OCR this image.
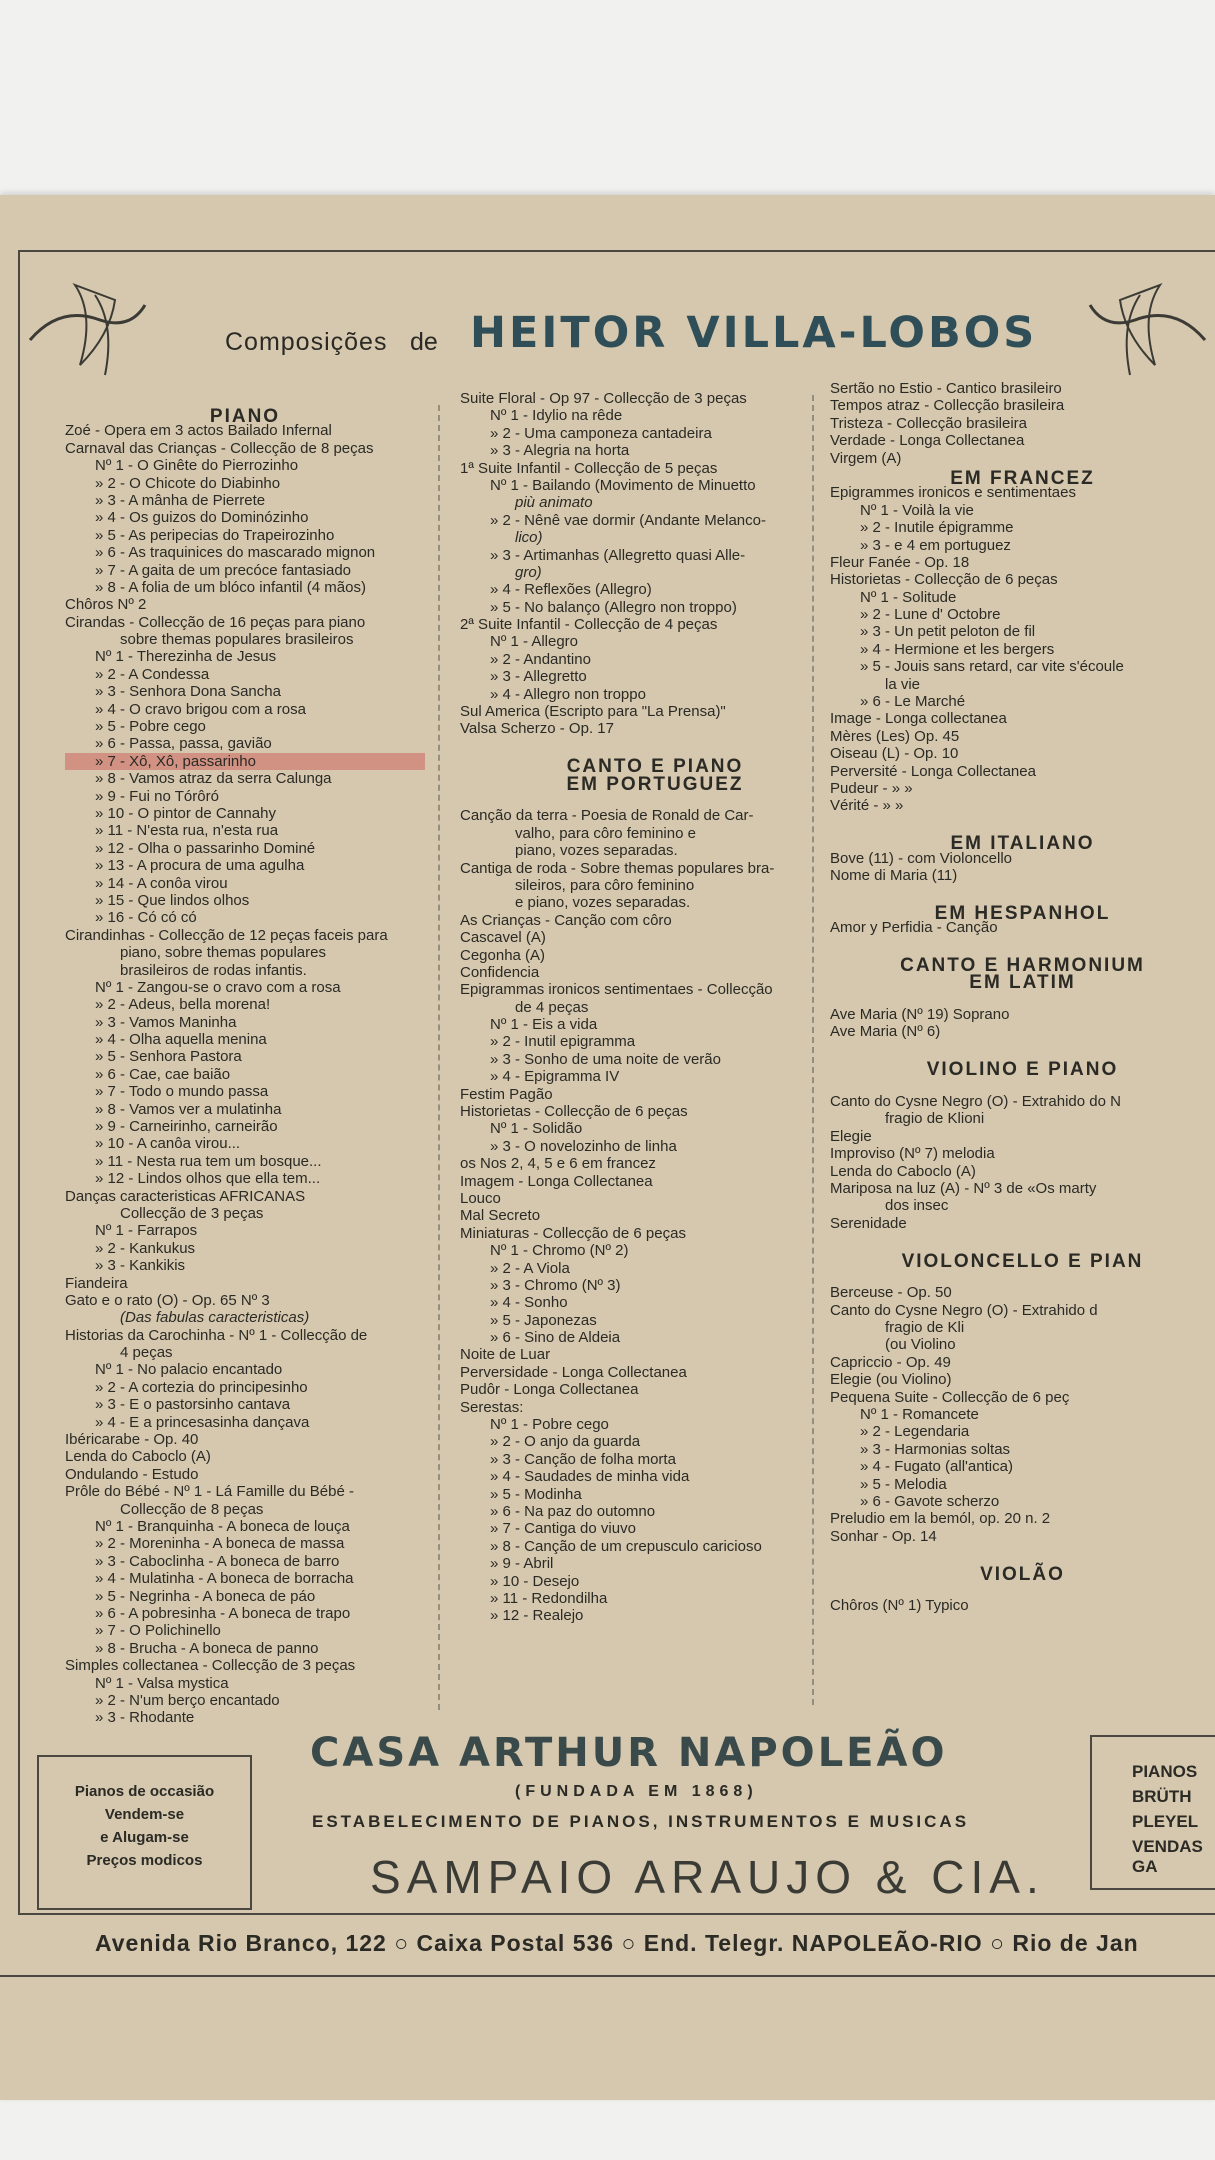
Composições de HEITOR VILLA-LOBOS
PIANO
Zoé - Opera em 3 actos Bailado Infernal
Carnaval das Crianças - Collecção de 8 peças
Nº 1 - O Ginête do Pierrozinho
» 2 - O Chicote do Diabinho
» 3 - A mânha de Pierrete
» 4 - Os guizos do Dominózinho
» 5 - As peripecias do Trapeirozinho
» 6 - As traquinices do mascarado mignon
» 7 - A gaita de um precóce fantasiado
» 8 - A folia de um blóco infantil (4 mãos)
Chôros Nº 2
Cirandas - Collecção de 16 peças para piano
sobre themas populares brasileiros
Nº 1 - Therezinha de Jesus
» 2 - A Condessa
» 3 - Senhora Dona Sancha
» 4 - O cravo brigou com a rosa
» 5 - Pobre cego
» 6 - Passa, passa, gavião
» 7 - Xô, Xô, passarinho
» 8 - Vamos atraz da serra Calunga
» 9 - Fui no Tórôró
» 10 - O pintor de Cannahy
» 11 - N'esta rua, n'esta rua
» 12 - Olha o passarinho Dominé
» 13 - A procura de uma agulha
» 14 - A conôa virou
» 15 - Que lindos olhos
» 16 - Có có có
Cirandinhas - Collecção de 12 peças faceis para
piano, sobre themas populares
brasileiros de rodas infantis.
Nº 1 - Zangou-se o cravo com a rosa
» 2 - Adeus, bella morena!
» 3 - Vamos Maninha
» 4 - Olha aquella menina
» 5 - Senhora Pastora
» 6 - Cae, cae baião
» 7 - Todo o mundo passa
» 8 - Vamos ver a mulatinha
» 9 - Carneirinho, carneirão
» 10 - A canôa virou...
» 11 - Nesta rua tem um bosque...
» 12 - Lindos olhos que ella tem...
Danças caracteristicas AFRICANAS
Collecção de 3 peças
Nº 1 - Farrapos
» 2 - Kankukus
» 3 - Kankikis
Fiandeira
Gato e o rato (O) - Op. 65 Nº 3
(Das fabulas caracteristicas)
Historias da Carochinha - Nº 1 - Collecção de
4 peças
Nº 1 - No palacio encantado
» 2 - A cortezia do principesinho
» 3 - E o pastorsinho cantava
» 4 - E a princesasinha dançava
Ibéricarabe - Op. 40
Lenda do Caboclo (A)
Ondulando - Estudo
Prôle do Bébé - Nº 1 - Lá Famille du Bébé -
Collecção de 8 peças
Nº 1 - Branquinha - A boneca de louça
» 2 - Moreninha - A boneca de massa
» 3 - Caboclinha - A boneca de barro
» 4 - Mulatinha - A boneca de borracha
» 5 - Negrinha - A boneca de páo
» 6 - A pobresinha - A boneca de trapo
» 7 - O Polichinello
» 8 - Brucha - A boneca de panno
Simples collectanea - Collecção de 3 peças
Nº 1 - Valsa mystica
» 2 - N'um berço encantado
» 3 - Rhodante
Suite Floral - Op 97 - Collecção de 3 peças
Nº 1 - Idylio na rêde
» 2 - Uma camponeza cantadeira
» 3 - Alegria na horta
1ª Suite Infantil - Collecção de 5 peças
Nº 1 - Bailando (Movimento de Minuetto
più animato
» 2 - Nênê vae dormir (Andante Melanco-
lico)
» 3 - Artimanhas (Allegretto quasi Alle-
gro)
» 4 - Reflexões (Allegro)
» 5 - No balanço (Allegro non troppo)
2ª Suite Infantil - Collecção de 4 peças
Nº 1 - Allegro
» 2 - Andantino
» 3 - Allegretto
» 4 - Allegro non troppo
Sul America (Escripto para "La Prensa)"
Valsa Scherzo - Op. 17
CANTO E PIANO
EM PORTUGUEZ
Canção da terra - Poesia de Ronald de Car-
valho, para côro feminino e
piano, vozes separadas.
Cantiga de roda - Sobre themas populares bra-
sileiros, para côro feminino
e piano, vozes separadas.
As Crianças - Canção com côro
Cascavel (A)
Cegonha (A)
Confidencia
Epigrammas ironicos sentimentaes - Collecção
de 4 peças
Nº 1 - Eis a vida
» 2 - Inutil epigramma
» 3 - Sonho de uma noite de verão
» 4 - Epigramma IV
Festim Pagão
Historietas - Collecção de 6 peças
Nº 1 - Solidão
» 3 - O novelozinho de linha
os Nos 2, 4, 5 e 6 em francez
Imagem - Longa Collectanea
Louco
Mal Secreto
Miniaturas - Collecção de 6 peças
Nº 1 - Chromo (Nº 2)
» 2 - A Viola
» 3 - Chromo (Nº 3)
» 4 - Sonho
» 5 - Japonezas
» 6 - Sino de Aldeia
Noite de Luar
Perversidade - Longa Collectanea
Pudôr - Longa Collectanea
Serestas:
Nº 1 - Pobre cego
» 2 - O anjo da guarda
» 3 - Canção de folha morta
» 4 - Saudades de minha vida
» 5 - Modinha
» 6 - Na paz do outomno
» 7 - Cantiga do viuvo
» 8 - Canção de um crepusculo caricioso
» 9 - Abril
» 10 - Desejo
» 11 - Redondilha
» 12 - Realejo
Sertão no Estio - Cantico brasileiro
Tempos atraz - Collecção brasileira
Tristeza - Collecção brasileira
Verdade - Longa Collectanea
Virgem (A)
EM FRANCEZ
Epigrammes ironicos e sentimentaes
Nº 1 - Voilà la vie
» 2 - Inutile épigramme
» 3 - e 4 em portuguez
Fleur Fanée - Op. 18
Historietas - Collecção de 6 peças
Nº 1 - Solitude
» 2 - Lune d' Octobre
» 3 - Un petit peloton de fil
» 4 - Hermione et les bergers
» 5 - Jouis sans retard, car vite s'écoule
la vie
» 6 - Le Marché
Image - Longa collectanea
Mères (Les) Op. 45
Oiseau (L) - Op. 10
Perversité - Longa Collectanea
Pudeur - » »
Vérité - » »
EM ITALIANO
Bove (11) - com Violoncello
Nome di Maria (11)
EM HESPANHOL
Amor y Perfidia - Canção
CANTO E HARMONIUM
EM LATIM
Ave Maria (Nº 19) Soprano
Ave Maria (Nº 6)
VIOLINO E PIANO
Canto do Cysne Negro (O) - Extrahido do N
fragio de Klioni
Elegie
Improviso (Nº 7) melodia
Lenda do Caboclo (A)
Mariposa na luz (A) - Nº 3 de «Os marty
dos insec
Serenidade
VIOLONCELLO E PIAN
Berceuse - Op. 50
Canto do Cysne Negro (O) - Extrahido d
fragio de Kli
(ou Violino
Capriccio - Op. 49
Elegie (ou Violino)
Pequena Suite - Collecção de 6 peç
Nº 1 - Romancete
» 2 - Legendaria
» 3 - Harmonias soltas
» 4 - Fugato (all'antica)
» 5 - Melodia
» 6 - Gavote scherzo
Preludio em la bemól, op. 20 n. 2
Sonhar - Op. 14
VIOLÃO
Chôros (Nº 1) Typico
Pianos de occasião
Vendem-se
e Alugam-se
Preços modicos
CASA ARTHUR NAPOLEÃO
(FUNDADA EM 1868)
ESTABELECIMENTO DE PIANOS, INSTRUMENTOS E MUSICAS
SAMPAIO ARAUJO & CIA.
PIANOS
BRÜTH
PLEYEL
VENDAS GA
Avenida Rio Branco, 122 ○ Caixa Postal 536 ○ End. Telegr. NAPOLEÃO-RIO ○ Rio de Jan
